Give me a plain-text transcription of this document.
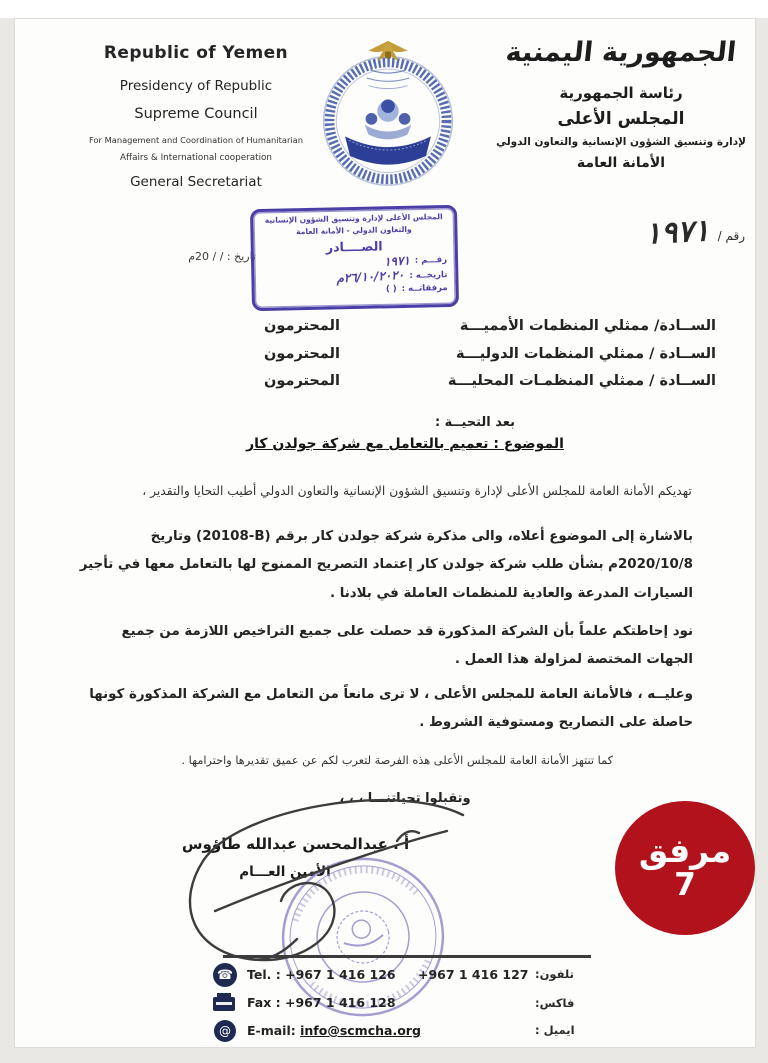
Republic of Yemen
Presidency of Republic
Supreme Council
For Management and Coordination of Humanitarian
Affairs & International cooperation
General Secretariat
الجمهورية اليمنية
رئاسة الجمهورية
المجلس الأعلى
لإدارة وتنسيق الشؤون الإنسانية والتعاون الدولي
الأمانة العامة
رقم /
١٩٧١
تاريخ : / / 20م
المجلس الأعلى لإدارة وتنسيق الشؤون الإنسانية
والتعاون الدولي - الأمانة العامة
الصــــادر
رقـــم :
١٩٧١
تاريخــه :
٢٦/١٠/٢٠٢٠م
مرفقاتــه :
( )
المحترمون	الســادة/ ممثلي المنظمات الأمميـــة
المحترمون	الســادة / ممثلي المنظمات الدوليـــة
المحترمون	الســادة / ممثلي المنظمـات المحليـــة
بعد التحيــة :
الموضوع : تعميم بالتعامل مع شركة جولدن كار
تهديكم الأمانة العامة للمجلس الأعلى لإدارة وتنسيق الشؤون الإنسانية والتعاون الدولي أطيب التحايا والتقدير ،
بالاشارة إلى الموضوع أعلاه، والى مذكرة شركة جولدن كار برقم (‎20108-B‎) وتاريخ 2020/10/8م بشأن طلب شركة جولدن كار إعتماد التصريح الممنوح لها بالتعامل معها في تأجير السيارات المدرعة والعادية للمنظمات العاملة في بلادنا .
نود إحاطتكم علماً بأن الشركة المذكورة قد حصلت على جميع التراخيص اللازمة من جميع الجهات المختصة لمزاولة هذا العمل .
وعليــه ، فالأمانة العامة للمجلس الأعلى ، لا ترى مانعاً من التعامل مع الشركة المذكورة كونها حاصلة على التصاريح ومستوفية الشروط .
كما تنتهز الأمانة العامة للمجلس الأعلى هذه الفرصة لتعرب لكم عن عميق تقديرها واحترامها .
وتقبلوا تحياتنـــا ، ، ،
أ . عبدالمحسن عبدالله طاؤوس
الأمين العـــام
مرفق
7
☎ Tel. : +967 1 416 126 +967 1 416 127 تلفون:
Fax : +967 1 416 128	فاكس:
@ E-mail: info@scmcha.org	ايميل :
